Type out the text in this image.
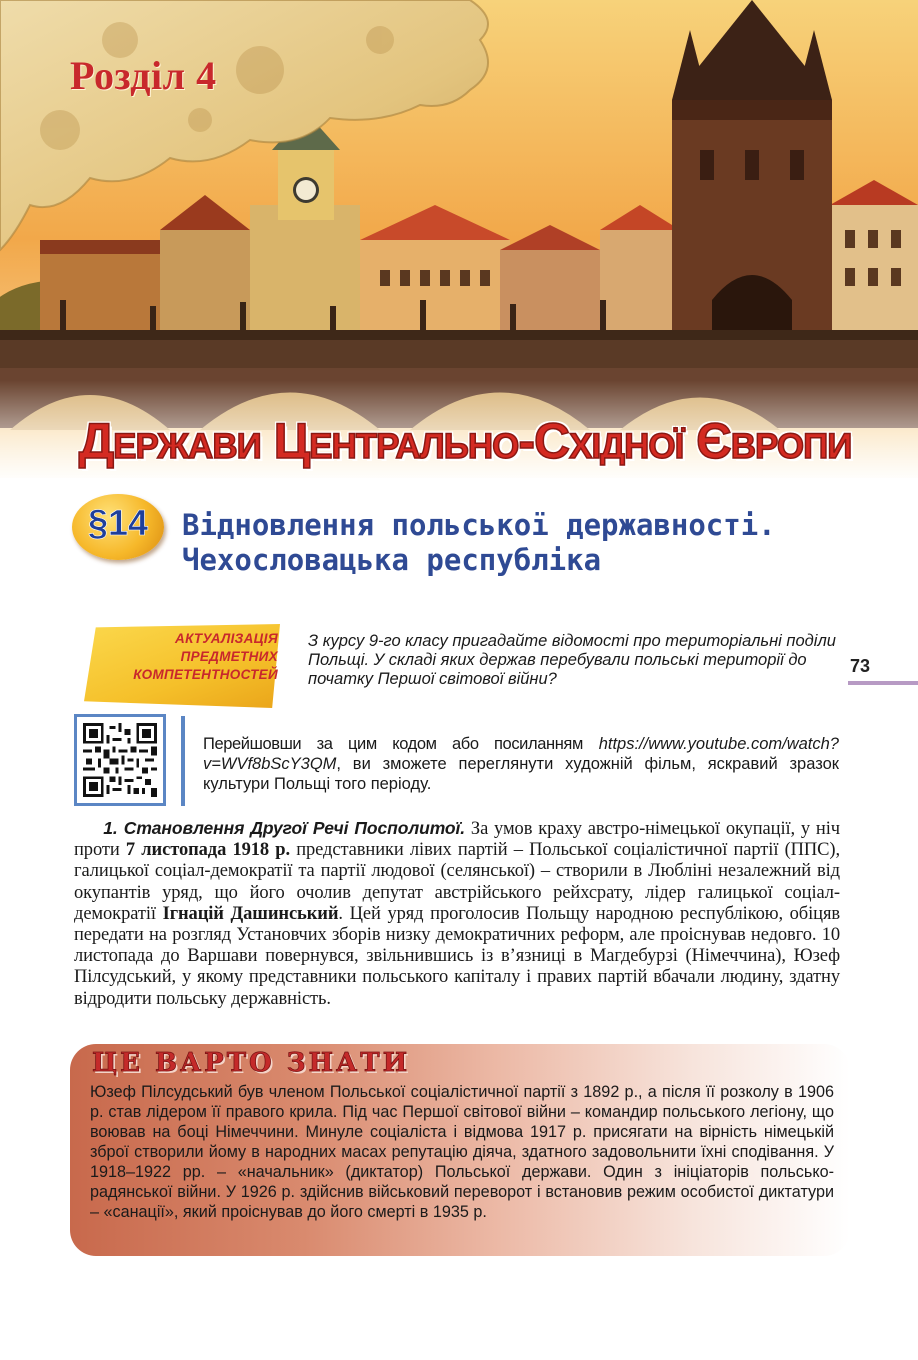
Розділ 4
Держави Центрально-Східної Європи
§14	Відновлення польської державності. Чехословацька республіка
АКТУАЛІЗАЦІЯ
ПРЕДМЕТНИХ
КОМПЕТЕНТНОСТЕЙ
З курсу 9-го класу пригадайте відомості про територіальні поділи Польщі. У складі яких держав перебували польські території до початку Першої світової війни?
73
Перейшовши за цим кодом або посиланням https://www.youtube.com/watch?v=WVf8bScY3QM, ви зможете переглянути художній фільм, яскравий зразок культури Польщі того періоду.
1. Становлення Другої Речі Посполитої. За умов краху австро-німецької окупації, у ніч проти 7 листопада 1918 р. представники лівих партій – Польської соціалістичної партії (ППС), галицької соціал-демократії та партії людової (селянської) – створили в Любліні незалежний від окупантів уряд, що його очолив депутат австрійського рейхсрату, лідер галицької соціал-демократії Ігнацій Дашинський. Цей уряд проголосив Польщу народною республікою, обіцяв передати на розгляд Установчих зборів низку демократичних реформ, але проіснував недовго. 10 листопада до Варшави повернувся, звільнившись із в’язниці в Магдебурзі (Німеччина), Юзеф Пілсудський, у якому представники польського капіталу і правих партій вбачали людину, здатну відродити польську державність.
ЦЕ ВАРТО ЗНАТИ
Юзеф Пілсудський був членом Польської соціалістичної партії з 1892 р., а після її розколу в 1906 р. став лідером її правого крила. Під час Першої світової війни – командир польського легіону, що воював на боці Німеччини. Минуле соціаліста і відмова 1917 р. присягати на вірність німецькій зброї створили йому в народних масах репутацію діяча, здатного задовольнити їхні сподівання. У 1918–1922 рр. – «начальник» (диктатор) Польської держави. Один з ініціаторів польсько-радянської війни. У 1926 р. здійснив військовий переворот і встановив режим особистої диктатури – «санації», який проіснував до його смерті в 1935 р.
